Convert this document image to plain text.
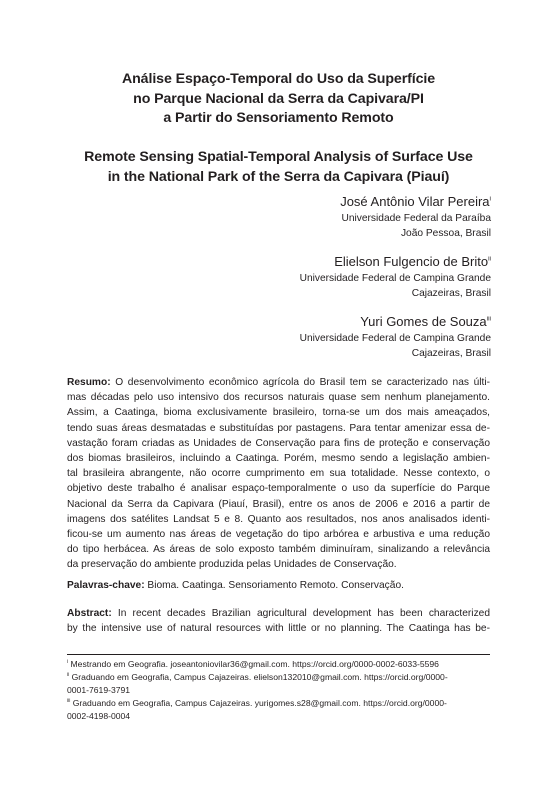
Análise Espaço-Temporal do Uso da Superfície
no Parque Nacional da Serra da Capivara/PI
a Partir do Sensoriamento Remoto
Remote Sensing Spatial-Temporal Analysis of Surface Use
in the National Park of the Serra da Capivara (Piauí)
José Antônio Vilar Pereira$^i$
Universidade Federal da Paraíba
João Pessoa, Brasil
Elielson Fulgencio de Brito$^{ii}$
Universidade Federal de Campina Grande
Cajazeiras, Brasil
Yuri Gomes de Souza$^{iii}$
Universidade Federal de Campina Grande
Cajazeiras, Brasil
Resumo: O desenvolvimento econômico agrícola do Brasil tem se caracterizado nas últi-
mas décadas pelo uso intensivo dos recursos naturais quase sem nenhum planejamento.
Assim, a Caatinga, bioma exclusivamente brasileiro, torna-se um dos mais ameaçados,
tendo suas áreas desmatadas e substituídas por pastagens. Para tentar amenizar essa de-
vastação foram criadas as Unidades de Conservação para fins de proteção e conservação
dos biomas brasileiros, incluindo a Caatinga. Porém, mesmo sendo a legislação ambien-
tal brasileira abrangente, não ocorre cumprimento em sua totalidade. Nesse contexto, o
objetivo deste trabalho é analisar espaço-temporalmente o uso da superfície do Parque
Nacional da Serra da Capivara (Piauí, Brasil), entre os anos de 2006 e 2016 a partir de
imagens dos satélites Landsat 5 e 8. Quanto aos resultados, nos anos analisados identi-
ficou-se um aumento nas áreas de vegetação do tipo arbórea e arbustiva e uma redução
do tipo herbácea. As áreas de solo exposto também diminuíram, sinalizando a relevância
da preservação do ambiente produzida pelas Unidades de Conservação.
Palavras-chave: Bioma. Caatinga. Sensoriamento Remoto. Conservação.
Abstract: In recent decades Brazilian agricultural development has been characterized
by the intensive use of natural resources with little or no planning. The Caatinga has be-
$^i$ Mestrando em Geografia. joseantoniovilar36@gmail.com. https://orcid.org/0000-0002-6033-5596
$^{ii}$ Graduando em Geografia, Campus Cajazeiras. elielson132010@gmail.com. https://orcid.org/0000-
0001-7619-3791
$^{iii}$ Graduando em Geografia, Campus Cajazeiras. yurigomes.s28@gmail.com. https://orcid.org/0000-
0002-4198-0004
